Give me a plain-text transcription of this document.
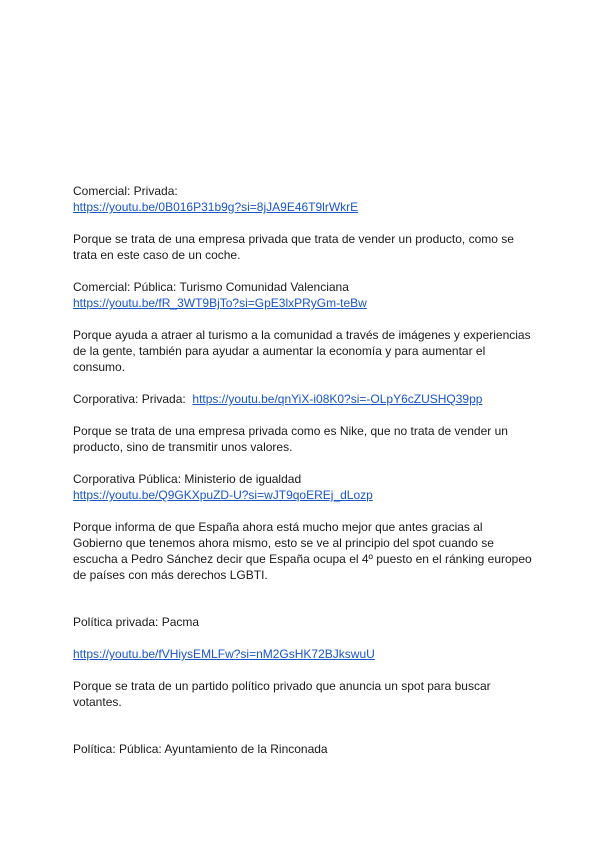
Comercial: Privada:

https://youtu.be/0B016P31b9g?si=8jJA9E46T9lrWkrE

Porque se trata de una empresa privada que trata de vender un producto, como se trata en este caso de un coche.

Comercial: Pública: Turismo Comunidad Valenciana

https://youtu.be/fR_3WT9BjTo?si=GpE3lxPRyGm-teBw

Porque ayuda a atraer al turismo a la comunidad a través de imágenes y experiencias de la gente, también para ayudar a aumentar la economía y para aumentar el consumo.

Corporativa: Privada: https://youtu.be/qnYiX-i08K0?si=-OLpY6cZUSHQ39pp

Porque se trata de una empresa privada como es Nike, que no trata de vender un producto, sino de transmitir unos valores.

Corporativa Pública: Ministerio de igualdad

https://youtu.be/Q9GKXpuZD-U?si=wJT9qoEREj_dLozp

Porque informa de que España ahora está mucho mejor que antes gracias al Gobierno que tenemos ahora mismo, esto se ve al principio del spot cuando se escucha a Pedro Sánchez decir que España ocupa el 4º puesto en el ránking europeo de países con más derechos LGBTI.

Política privada: Pacma

https://youtu.be/fVHiysEMLFw?si=nM2GsHK72BJkswuU

Porque se trata de un partido político privado que anuncia un spot para buscar votantes.

Política: Pública: Ayuntamiento de la Rinconada
